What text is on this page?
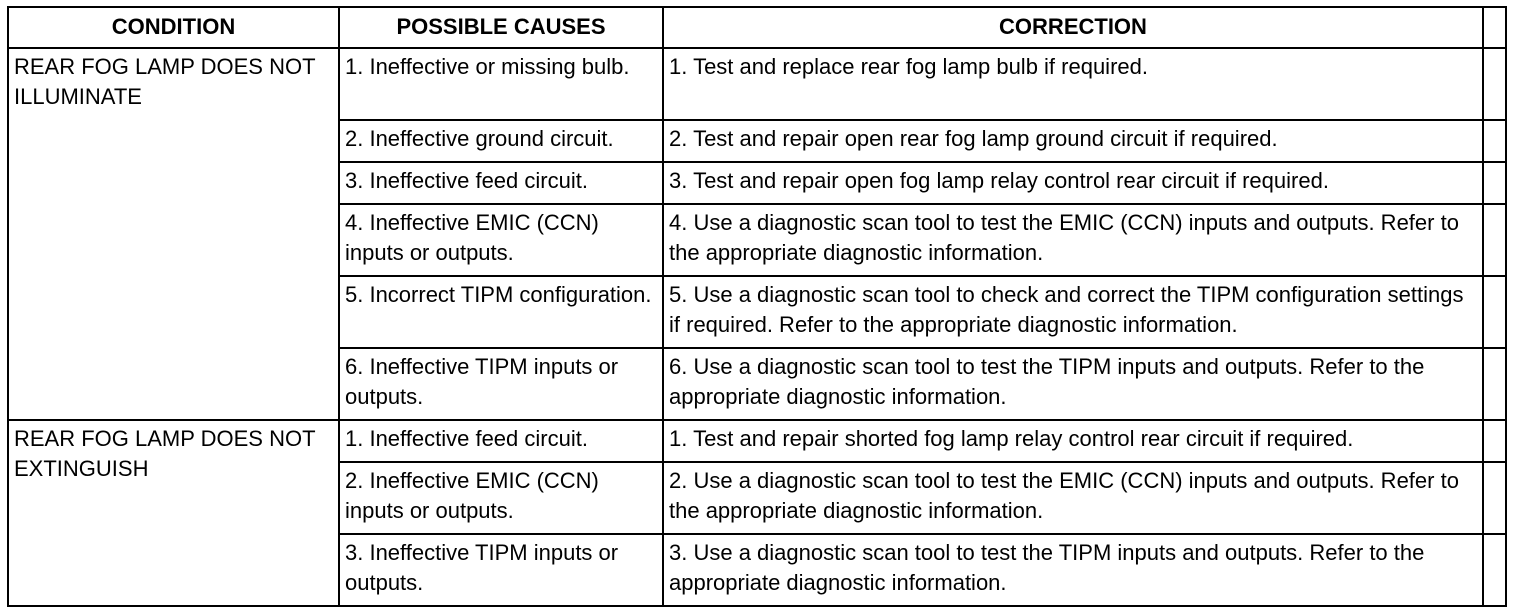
CONDITION	POSSIBLE CAUSES	CORRECTION	
REAR FOG LAMP DOES NOT ILLUMINATE	1. Ineffective or missing bulb.	1. Test and replace rear fog lamp bulb if required.	
	2. Ineffective ground circuit.	2. Test and repair open rear fog lamp ground circuit if required.	
	3. Ineffective feed circuit.	3. Test and repair open fog lamp relay control rear circuit if required.	
	4. Ineffective EMIC (CCN) inputs or outputs.	4. Use a diagnostic scan tool to test the EMIC (CCN) inputs and outputs. Refer to the appropriate diagnostic information.	
	5. Incorrect TIPM configuration.	5. Use a diagnostic scan tool to check and correct the TIPM configuration settings if required. Refer to the appropriate diagnostic information.	
	6. Ineffective TIPM inputs or outputs.	6. Use a diagnostic scan tool to test the TIPM inputs and outputs. Refer to the appropriate diagnostic information.	
REAR FOG LAMP DOES NOT EXTINGUISH	1. Ineffective feed circuit.	1. Test and repair shorted fog lamp relay control rear circuit if required.	
	2. Ineffective EMIC (CCN) inputs or outputs.	2. Use a diagnostic scan tool to test the EMIC (CCN) inputs and outputs. Refer to the appropriate diagnostic information.	
	3. Ineffective TIPM inputs or outputs.	3. Use a diagnostic scan tool to test the TIPM inputs and outputs. Refer to the appropriate diagnostic information.	
